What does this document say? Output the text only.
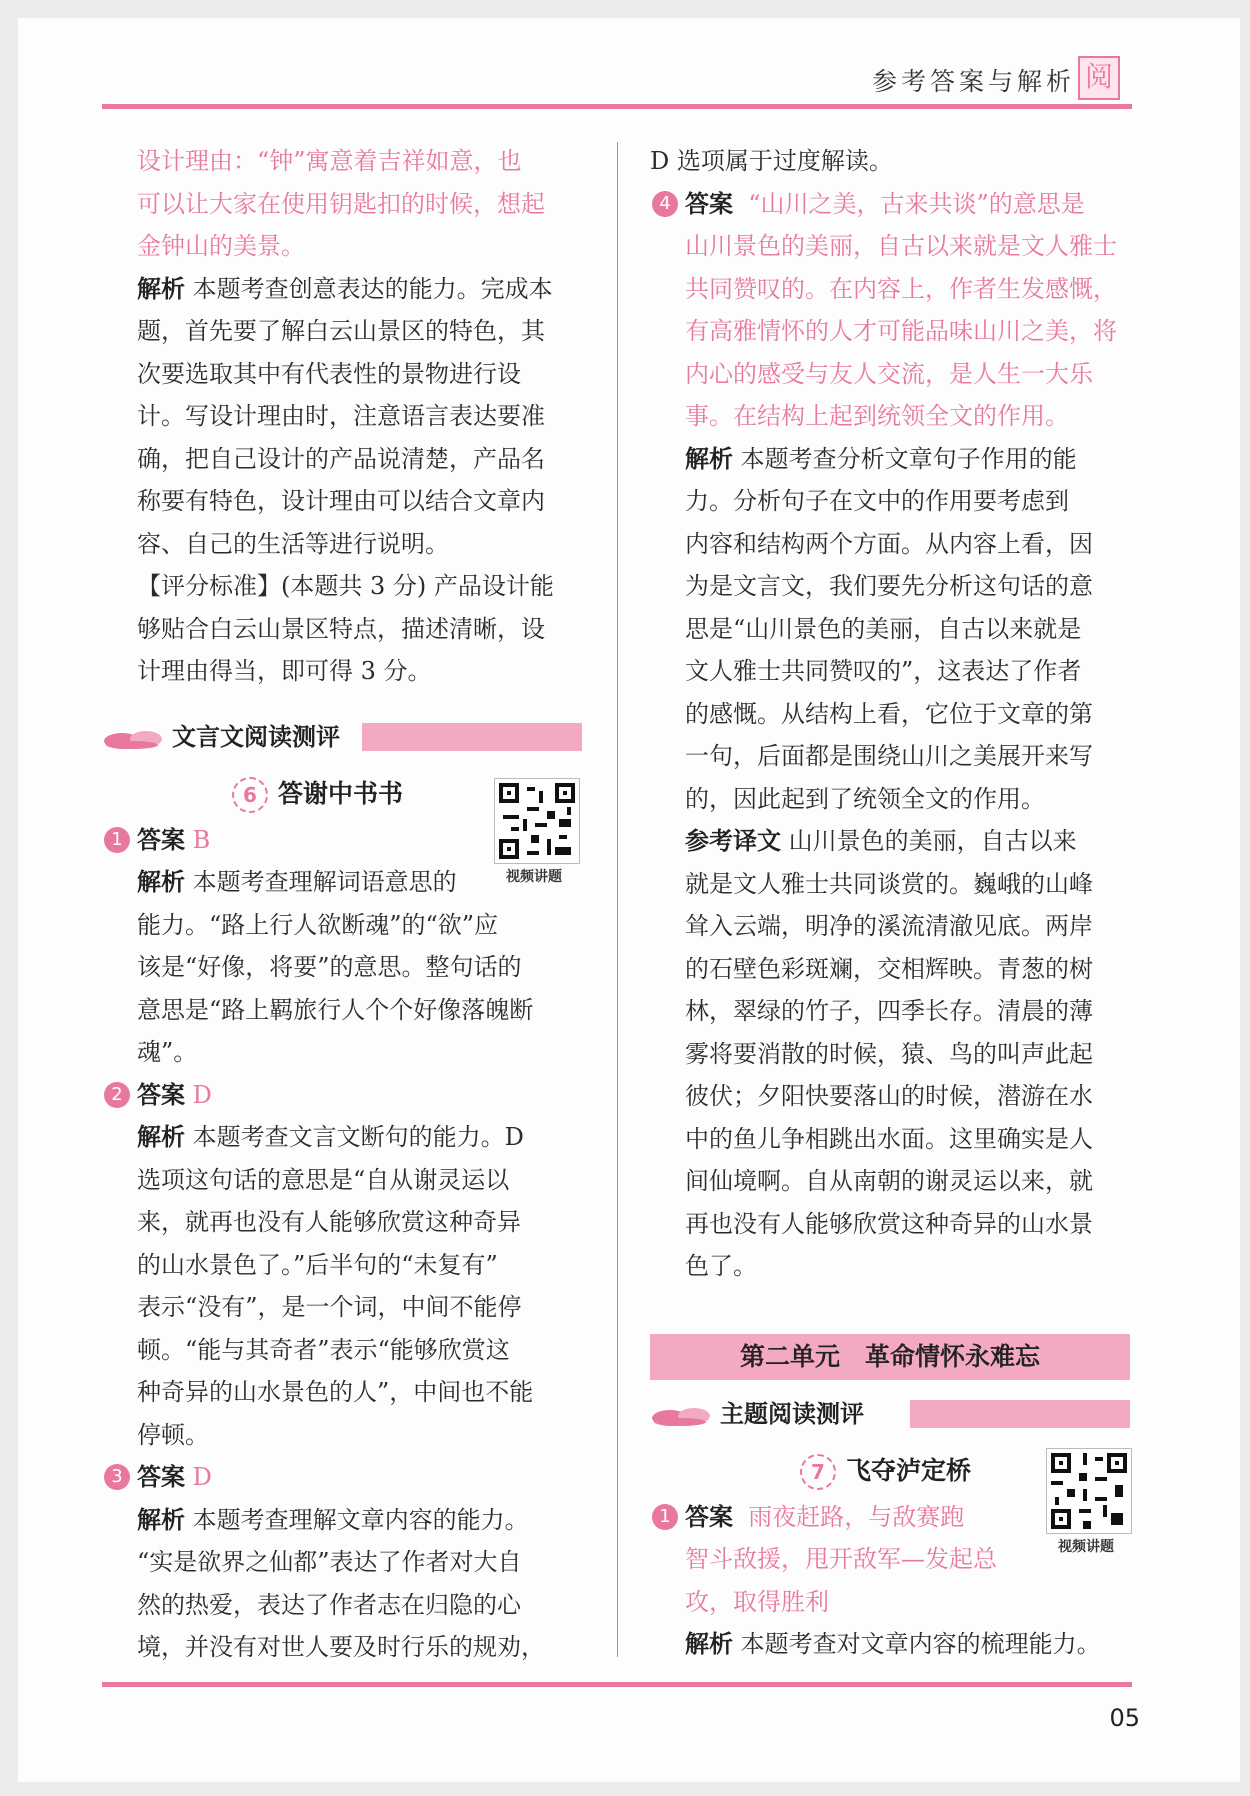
参考答案与解析 阅

设计理由：“钟”寓意着吉祥如意，也

可以让大家在使用钥匙扣的时候，想起

金钟山的美景。

解析 本题考查创意表达的能力。完成本

题，首先要了解白云山景区的特色，其

次要选取其中有代表性的景物进行设

计。写设计理由时，注意语言表达要准

确，把自己设计的产品说清楚，产品名

称要有特色，设计理由可以结合文章内

容、自己的生活等进行说明。

【评分标准】(本题共 3 分) 产品设计能

够贴合白云山景区特点，描述清晰，设

计理由得当，即可得 3 分。

文言文阅读测评
6 答谢中书书

1 答案 B

解析 本题考查理解词语意思的

能力。“路上行人欲断魂”的“欲”应

该是“好像，将要”的意思。整句话的

意思是“路上羁旅行人个个好像落魄断

魂”。

2 答案 D

解析 本题考查文言文断句的能力。D

选项这句话的意思是“自从谢灵运以

来，就再也没有人能够欣赏这种奇异

的山水景色了。”后半句的“未复有”

表示“没有”，是一个词，中间不能停

顿。“能与其奇者”表示“能够欣赏这

种奇异的山水景色的人”，中间也不能

停顿。

3 答案 D

解析 本题考查理解文章内容的能力。

“实是欲界之仙都”表达了作者对大自

然的热爱，表达了作者志在归隐的心

境，并没有对世人要及时行乐的规劝，

视频讲题

D 选项属于过度解读。

4 答案 “山川之美，古来共谈”的意思是

山川景色的美丽，自古以来就是文人雅士

共同赞叹的。在内容上，作者生发感慨，

有高雅情怀的人才可能品味山川之美，将

内心的感受与友人交流，是人生一大乐

事。在结构上起到统领全文的作用。

解析 本题考查分析文章句子作用的能

力。分析句子在文中的作用要考虑到

内容和结构两个方面。从内容上看，因

为是文言文，我们要先分析这句话的意

思是“山川景色的美丽，自古以来就是

文人雅士共同赞叹的”，这表达了作者

的感慨。从结构上看，它位于文章的第

一句，后面都是围绕山川之美展开来写

的，因此起到了统领全文的作用。

参考译文 山川景色的美丽，自古以来

就是文人雅士共同谈赏的。巍峨的山峰

耸入云端，明净的溪流清澈见底。两岸

的石壁色彩斑斓，交相辉映。青葱的树

林，翠绿的竹子，四季长存。清晨的薄

雾将要消散的时候，猿、鸟的叫声此起

彼伏；夕阳快要落山的时候，潜游在水

中的鱼儿争相跳出水面。这里确实是人

间仙境啊。自从南朝的谢灵运以来，就

再也没有人能够欣赏这种奇异的山水景

色了。

第二单元　革命情怀永难忘
主题阅读测评
7 飞夺泸定桥

1 答案 雨夜赶路，与敌赛跑

智斗敌援，甩开敌军—发起总

攻，取得胜利

解析 本题考查对文章内容的梳理能力。

视频讲题
05
